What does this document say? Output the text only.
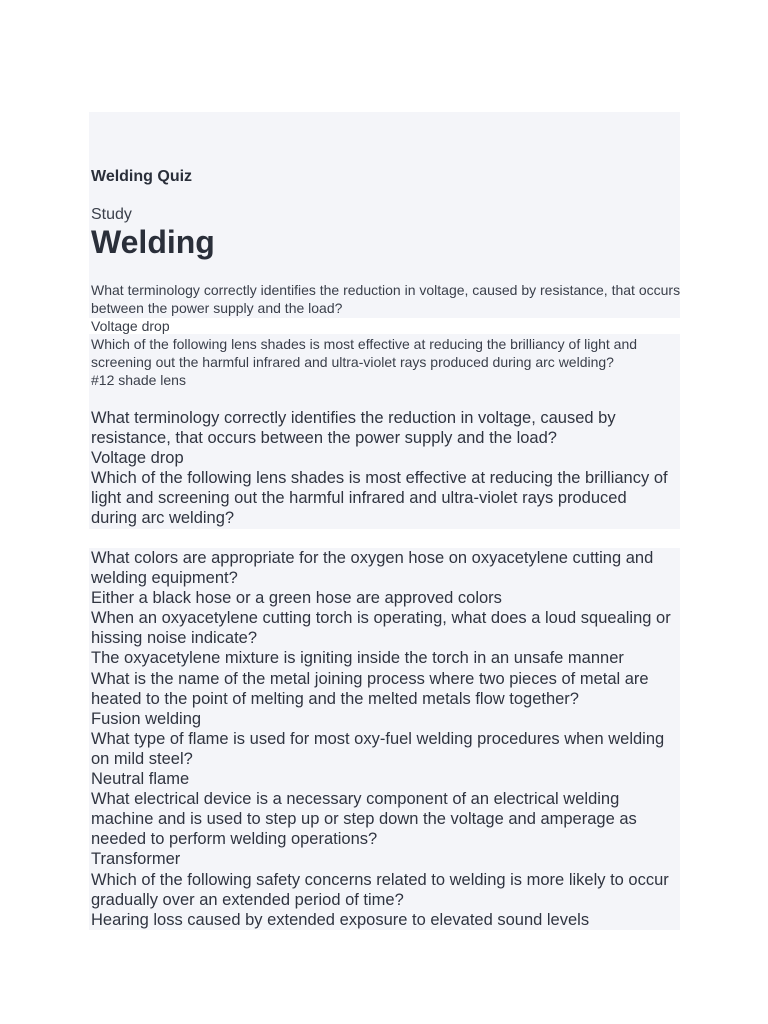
Welding Quiz
Study
Welding
What terminology correctly identifies the reduction in voltage, caused by resistance, that occurs between the power supply and the load?
Voltage drop
Which of the following lens shades is most effective at reducing the brilliancy of light and screening out the harmful infrared and ultra-violet rays produced during arc welding?
#12 shade lens
What terminology correctly identifies the reduction in voltage, caused by resistance, that occurs between the power supply and the load?
Voltage drop
Which of the following lens shades is most effective at reducing the brilliancy of light and screening out the harmful infrared and ultra-violet rays produced during arc welding?
What colors are appropriate for the oxygen hose on oxyacetylene cutting and welding equipment?
Either a black hose or a green hose are approved colors
When an oxyacetylene cutting torch is operating, what does a loud squealing or hissing noise indicate?
The oxyacetylene mixture is igniting inside the torch in an unsafe manner
What is the name of the metal joining process where two pieces of metal are heated to the point of melting and the melted metals flow together?
Fusion welding
What type of flame is used for most oxy-fuel welding procedures when welding on mild steel?
Neutral flame
What electrical device is a necessary component of an electrical welding machine and is used to step up or step down the voltage and amperage as needed to perform welding operations?
Transformer
Which of the following safety concerns related to welding is more likely to occur gradually over an extended period of time?
Hearing loss caused by extended exposure to elevated sound levels
